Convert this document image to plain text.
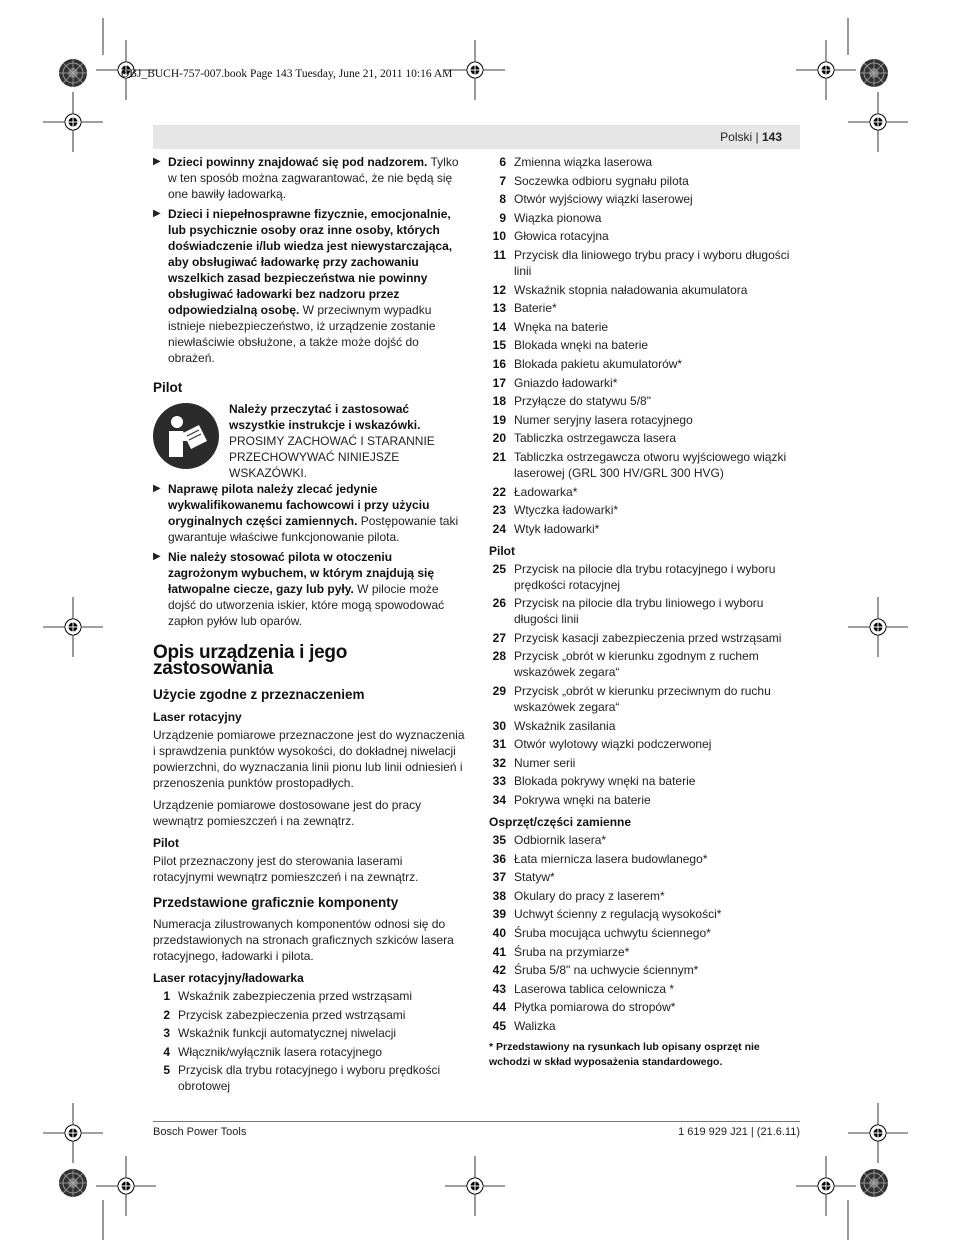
OBJ_BUCH-757-007.book Page 143 Tuesday, June 21, 2011 10:16 AM
Polski | 143
▶ Dzieci powinny znajdować się pod nadzorem. Tylko w ten sposób można zagwarantować, że nie będą się one bawiły ładowarką.
▶ Dzieci i niepełnosprawne fizycznie, emocjonalnie, lub psychicznie osoby oraz inne osoby, których doświadczenie i/lub wiedza jest niewystarczająca, aby obsługiwać ładowarkę przy zachowaniu wszelkich zasad bezpieczeństwa nie powinny obsługiwać ładowarki bez nadzoru przez odpowiedzialną osobę. W przeciwnym wypadku istnieje niebezpieczeństwo, iż urządzenie zostanie niewłaściwie obsłużone, a także może dojść do obrażeń.
Pilot
Należy przeczytać i zastosować wszystkie instrukcje i wskazówki. PROSIMY ZACHOWAĆ I STARANNIE PRZECHOWYWAĆ NINIEJSZE WSKAZÓWKI.
▶ Naprawę pilota należy zlecać jedynie wykwalifikowanemu fachowcowi i przy użyciu oryginalnych części zamiennych. Postępowanie taki gwarantuje właściwe funkcjonowanie pilota.
▶ Nie należy stosować pilota w otoczeniu zagrożonym wybuchem, w którym znajdują się łatwopalne ciecze, gazy lub pyły. W pilocie może dojść do utworzenia iskier, które mogą spowodować zapłon pyłów lub oparów.
Opis urządzenia i jego zastosowania
Użycie zgodne z przeznaczeniem
Laser rotacyjny

Urządzenie pomiarowe przeznaczone jest do wyznaczenia i sprawdzenia punktów wysokości, do dokładnej niwelacji powierzchni, do wyznaczania linii pionu lub linii odniesień i przenoszenia punktów prostopadłych.

Urządzenie pomiarowe dostosowane jest do pracy wewnątrz pomieszczeń i na zewnątrz.

Pilot

Pilot przeznaczony jest do sterowania laserami rotacyjnymi wewnątrz pomieszczeń i na zewnątrz.

Przedstawione graficznie komponenty

Numeracja zilustrowanych komponentów odnosi się do przedstawionych na stronach graficznych szkiców lasera rotacyjnego, ładowarki i pilota.

Laser rotacyjny/ładowarka
1 Wskaźnik zabezpieczenia przed wstrząsami
2 Przycisk zabezpieczenia przed wstrząsami
3 Wskaźnik funkcji automatycznej niwelacji
4 Włącznik/wyłącznik lasera rotacyjnego
5 Przycisk dla trybu rotacyjnego i wyboru prędkości obrotowej
6 Zmienna wiązka laserowa
7 Soczewka odbioru sygnału pilota
8 Otwór wyjściowy wiązki laserowej
9 Wiązka pionowa
10 Głowica rotacyjna
11 Przycisk dla liniowego trybu pracy i wyboru długości linii
12 Wskaźnik stopnia naładowania akumulatora
13 Baterie*
14 Wnęka na baterie
15 Blokada wnęki na baterie
16 Blokada pakietu akumulatorów*
17 Gniazdo ładowarki*
18 Przyłącze do statywu 5/8"
19 Numer seryjny lasera rotacyjnego
20 Tabliczka ostrzegawcza lasera
21 Tabliczka ostrzegawcza otworu wyjściowego wiązki laserowej (GRL 300 HV/GRL 300 HVG)
22 Ładowarka*
23 Wtyczka ładowarki*
24 Wtyk ładowarki*
Pilot
25 Przycisk na pilocie dla trybu rotacyjnego i wyboru prędkości rotacyjnej
26 Przycisk na pilocie dla trybu liniowego i wyboru długości linii
27 Przycisk kasacji zabezpieczenia przed wstrząsami
28 Przycisk „obrót w kierunku zgodnym z ruchem wskazówek zegara“
29 Przycisk „obrót w kierunku przeciwnym do ruchu wskazówek zegara“
30 Wskaźnik zasilania
31 Otwór wylotowy wiązki podczerwonej
32 Numer serii
33 Blokada pokrywy wnęki na baterie
34 Pokrywa wnęki na baterie
Osprzęt/części zamienne
35 Odbiornik lasera*
36 Łata miernicza lasera budowlanego*
37 Statyw*
38 Okulary do pracy z laserem*
39 Uchwyt ścienny z regulacją wysokości*
40 Śruba mocująca uchwytu ściennego*
41 Śruba na przymiarze*
42 Śruba 5/8" na uchwycie ściennym*
43 Laserowa tablica celownicza *
44 Płytka pomiarowa do stropów*
45 Walizka
* Przedstawiony na rysunkach lub opisany osprzęt nie wchodzi w skład wyposażenia standardowego.
Bosch Power Tools	1 619 929 J21 | (21.6.11)
